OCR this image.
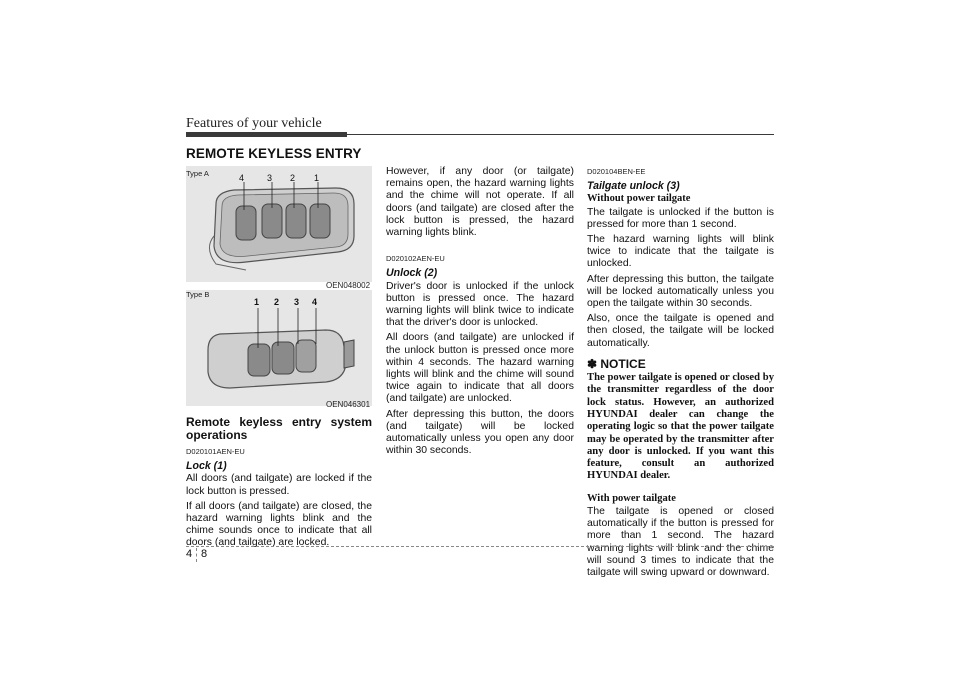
Features of your vehicle
REMOTE KEYLESS ENTRY
Type A	4	3 2 1
OEN048002
Type B
1 2 3 4
OEN046301
Remote keyless entry system operations
D020101AEN-EU
Lock (1)

All doors (and tailgate) are locked if the lock button is pressed.

If all doors (and tailgate) are closed, the hazard warning lights blink and the chime sounds once to indicate that all doors (and tailgate) are locked.

However, if any door (or tailgate) remains open, the hazard warning lights and the chime will not operate. If all doors (and tailgate) are closed after the lock button is pressed, the hazard warning lights blink.

D020102AEN-EU
Unlock (2)

Driver's door is unlocked if the unlock button is pressed once. The hazard warning lights will blink twice to indicate that the driver's door is unlocked.

All doors (and tailgate) are unlocked if the unlock button is pressed once more within 4 seconds. The hazard warning lights will blink and the chime will sound twice again to indicate that all doors (and tailgate) are unlocked.

After depressing this button, the doors (and tailgate) will be locked automatically unless you open any door within 30 seconds.

D020104BEN-EE
Tailgate unlock (3)
Without power tailgate

The tailgate is unlocked if the button is pressed for more than 1 second.

The hazard warning lights will blink twice to indicate that the tailgate is unlocked.

After depressing this button, the tailgate will be locked automatically unless you open the tailgate within 30 seconds.

Also, once the tailgate is opened and then closed, the tailgate will be locked automatically.

✽ NOTICE
The power tailgate is opened or closed by the transmitter regardless of the door lock status. However, an authorized HYUNDAI dealer can change the operating logic so that the power tailgate may be operated by the transmitter after any door is unlocked. If you want this feature, consult an authorized HYUNDAI dealer.
With power tailgate

The tailgate is opened or closed automatically if the button is pressed for more than 1 second. The hazard warning lights will blink and the chime will sound 3 times to indicate that the tailgate will swing upward or downward.

4 8
